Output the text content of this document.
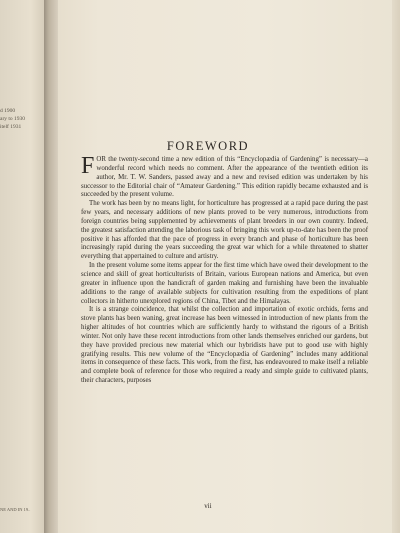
d 1900
ary to 1930
itelf 1931
NE AND IN 19..
FOREWORD

FOR the twenty-second time a new edition of this “Encyclopædia of Gardening” is necessary—a wonderful record which needs no comment. After the appearance of the twentieth edition its author, Mr. T. W. Sanders, passed away and a new and revised edition was undertaken by his successor to the Editorial chair of “Amateur Gardening.” This edition rapidly became exhausted and is succeeded by the present volume.

The work has been by no means light, for horticulture has progressed at a rapid pace during the past few years, and necessary additions of new plants proved to be very numerous, introductions from foreign countries being supplemented by achievements of plant breeders in our own country. Indeed, the greatest satisfaction attending the laborious task of bringing this work up-to-date has been the proof positive it has afforded that the pace of progress in every branch and phase of horticulture has been increasingly rapid during the years succeeding the great war which for a while threatened to shatter everything that appertained to culture and artistry.

In the present volume some items appear for the first time which have owed their development to the science and skill of great horticulturists of Britain, various European nations and America, but even greater in influence upon the handicraft of garden making and furnishing have been the invaluable additions to the range of available subjects for cultivation resulting from the expeditions of plant collectors in hitherto unexplored regions of China, Tibet and the Himalayas.

It is a strange coincidence, that whilst the collection and importation of exotic orchids, ferns and stove plants has been waning, great increase has been witnessed in introduction of new plants from the higher altitudes of hot countries which are sufficiently hardy to withstand the rigours of a British winter. Not only have these recent introductions from other lands themselves enriched our gardens, but they have provided precious new material which our hybridists have put to good use with highly gratifying results. This new volume of the “Encyclopædia of Gardening” includes many additional items in consequence of these facts. This work, from the first, has endeavoured to make itself a reliable and complete book of reference for those who required a ready and simple guide to cultivated plants, their characters, purposes

vii
